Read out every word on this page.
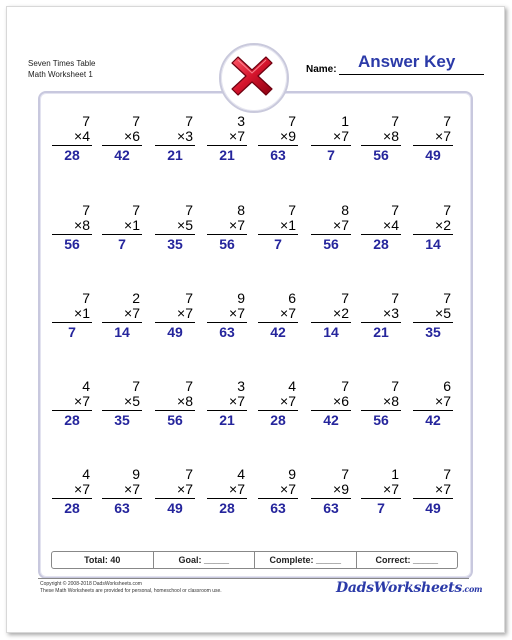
Seven Times Table
Math Worksheet 1	Name: Answer Key
7
×4
28
7
×6
42
7
×3
21
3
×7
21
7
×9
63
1
×7
7
7
×8
56
7
×7
49
7
×8
56
7
×1
7
7
×5
35
8
×7
56
7
×1
7
8
×7
56
7
×4
28
7
×2
14
7
×1
7
2
×7
14
7
×7
49
9
×7
63
6
×7
42
7
×2
14
7
×3
21
7
×5
35
4
×7
28
7
×5
35
7
×8
56
3
×7
21
4
×7
28
7
×6
42
7
×8
56
6
×7
42
4
×7
28
9
×7
63
7
×7
49
4
×7
28
9
×7
63
7
×9
63
1
×7
7
7
×7
49
Total: 40	Goal: _____	Complete: _____	Correct: _____
Copyright © 2008-2018 DadsWorksheets.com
These Math Worksheets are provided for personal, homeschool or classroom use.	DadsWorksheets.com
